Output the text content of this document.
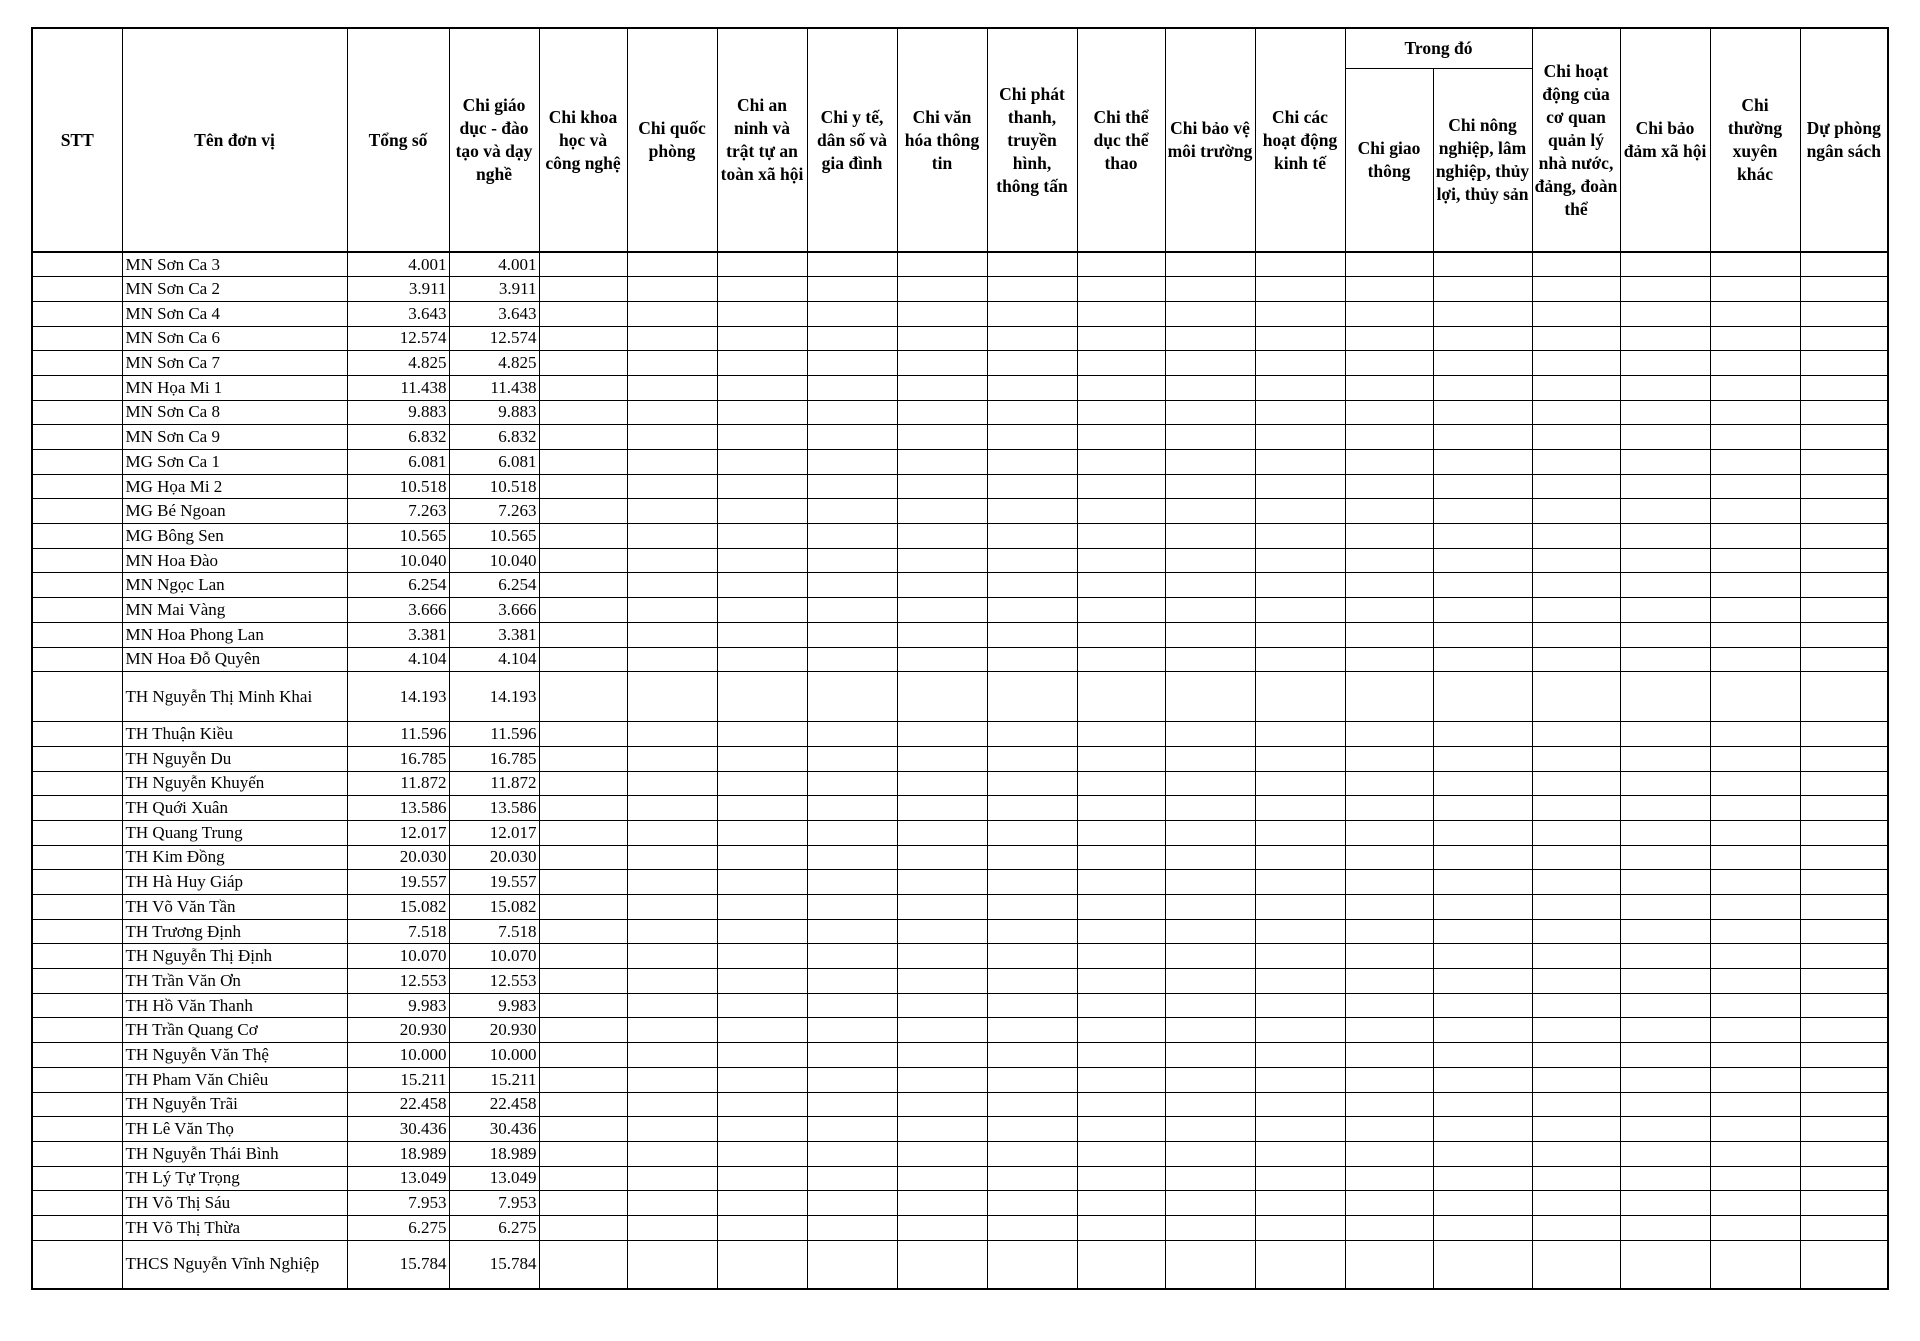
STT	Tên đơn vị	Tổng số	Chi giáo dục - đào tạo và dạy nghề	Chi khoa học và công nghệ	Chi quốc phòng	Chi an ninh và trật tự an toàn xã hội	Chi y tế, dân số và gia đình	Chi văn hóa thông tin	Chi phát thanh, truyền hình, thông tấn	Chi thể dục thể thao	Chi bảo vệ môi trường	Chi các hoạt động kinh tế	Trong đó		Chi hoạt động của cơ quan quản lý nhà nước, đảng, đoàn thể	Chi bảo đảm xã hội	Chi thường xuyên khác	Dự phòng ngân sách
													Chi giao thông	Chi nông nghiệp, lâm nghiệp, thủy lợi, thủy sản				
	MN Sơn Ca 3	4.001	4.001															
	MN Sơn Ca 2	3.911	3.911															
	MN Sơn Ca 4	3.643	3.643															
	MN Sơn Ca 6	12.574	12.574															
	MN Sơn Ca 7	4.825	4.825															
	MN Họa Mi 1	11.438	11.438															
	MN Sơn Ca 8	9.883	9.883															
	MN Sơn Ca 9	6.832	6.832															
	MG Sơn Ca 1	6.081	6.081															
	MG Họa Mi 2	10.518	10.518															
	MG Bé Ngoan	7.263	7.263															
	MG Bông Sen	10.565	10.565															
	MN Hoa Đào	10.040	10.040															
	MN Ngọc Lan	6.254	6.254															
	MN Mai Vàng	3.666	3.666															
	MN Hoa Phong Lan	3.381	3.381															
	MN Hoa Đỗ Quyên	4.104	4.104															
	TH Nguyễn Thị Minh Khai	14.193	14.193															
	TH Thuận Kiều	11.596	11.596															
	TH Nguyễn Du	16.785	16.785															
	TH Nguyễn Khuyến	11.872	11.872															
	TH Quới Xuân	13.586	13.586															
	TH Quang Trung	12.017	12.017															
	TH Kim Đồng	20.030	20.030															
	TH Hà Huy Giáp	19.557	19.557															
	TH Võ Văn Tần	15.082	15.082															
	TH Trương Định	7.518	7.518															
	TH Nguyễn Thị Định	10.070	10.070															
	TH Trần Văn Ơn	12.553	12.553															
	TH Hồ Văn Thanh	9.983	9.983															
	TH Trần Quang Cơ	20.930	20.930															
	TH Nguyễn Văn Thệ	10.000	10.000															
	TH Pham Văn Chiêu	15.211	15.211															
	TH Nguyễn Trãi	22.458	22.458															
	TH Lê Văn Thọ	30.436	30.436															
	TH Nguyễn Thái Bình	18.989	18.989															
	TH Lý Tự Trọng	13.049	13.049															
	TH Võ Thị Sáu	7.953	7.953															
	TH Võ Thị Thừa	6.275	6.275															
	THCS Nguyễn Vĩnh Nghiệp	15.784	15.784															
